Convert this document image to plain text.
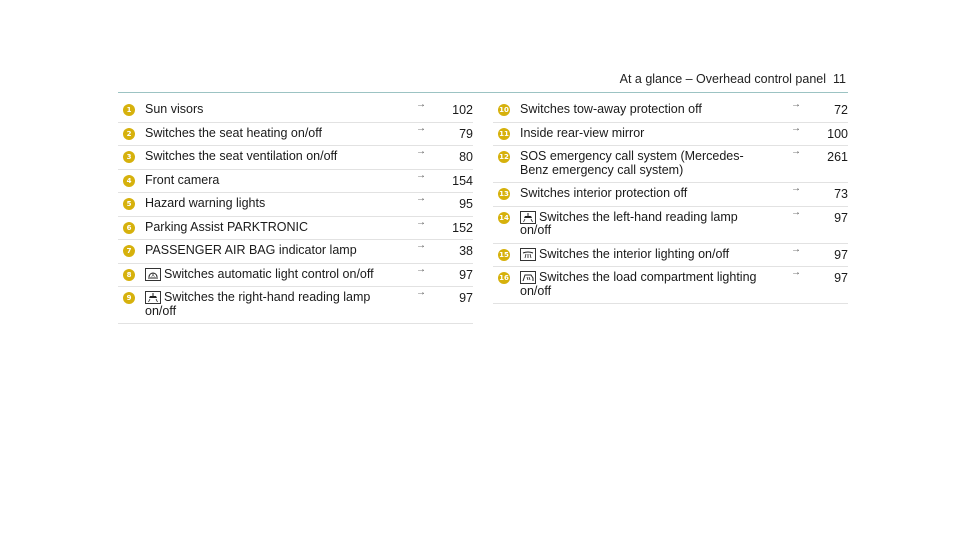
At a glance – Overhead control panel 11
1 Sun visors	→ 102
2 Switches the seat heating on/off	→	79
3 Switches the seat ventilation on/off	→	80
4 Front camera	→ 154
5 Hazard warning lights	→	95
6 Parking Assist PARKTRONIC	→ 152
7 PASSENGER AIR BAG indicator lamp	→	38
8	A Switches automatic light control on/off	→	97
9	Switches the right-hand reading lamp on/off
→	97
10 Switches tow-away protection off	→	72
11 Inside rear-view mirror	→ 100
12 SOS emergency call system (Mercedes-Benz emergency call system)
→ 261
13 Switches interior protection off	→	73
14	Switches the left-hand reading lamp on/off
→	97
15	Switches the interior lighting on/off	→	97
16	Switches the load compartment lighting on/off
→	97
